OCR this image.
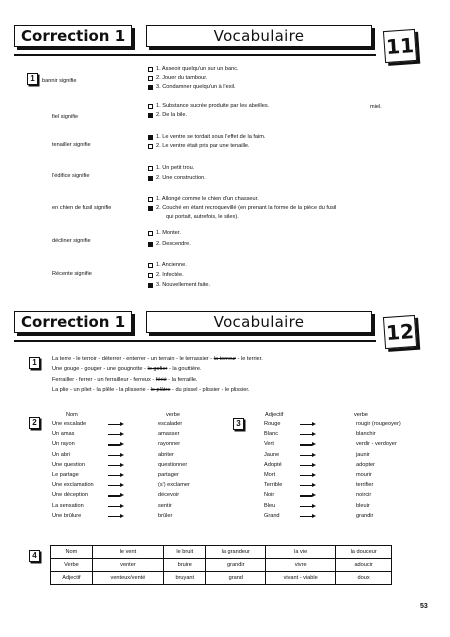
Correction 1	Vocabulaire	11
1	bannir signifie
1. Asseoir quelqu'un sur un banc.
2. Jouer du tambour.
3. Condamner quelqu'un à l'exil.
fiel signifie
1. Substance sucrée produite par les abeilles.
2. De la bile.
miel.
tenailler signifie
1. Le ventre se tordait sous l'effet de la faim.
2. Le ventre était pris par une tenaille.
l'édifice signifie
1. Un petit trou.
2. Une construction.
en chien de fusil signifie
1. Allongé comme le chien d'un chasseur.
2. Couché en étant recroquevillé (en prenant la forme de la pièce du fusil
qui portait, autrefois, le silex).
décliner signifie
1. Monter.
2. Descendre.
Récente signifie
1. Ancienne.
2. Infectée.
3. Nouvellement faite.
Correction 1	Vocabulaire	12
1	La terre - le terroir - déterrer - enterrer - un terrain - le terrassier - la terreur - le terrier.
Une gouge - gouger - une gougnotte - le gofier - la gouttière.
Ferrailler - ferrer - un ferrailleur - ferreux - férié - la ferraille.
La plie - un pliet - la plêle - la plisserie - le plâtre - du pissel - plissier - le plissier.
2
Nom	verbe
Une escalade	escalader
Un amas	amasser
Un rayon	rayonner
Un abri	abriter
Une question	questionner
Le partage	partager
Une exclamation	(s') exclamer
Une déception	décevoir
La sensation	sentir
Une brûlure	brûler
3
Adjectif	verbe
Rouge	rougir (rougeoyer)
Blanc	blanchir
Vert	verdir - verdoyer
Jaune	jaunir
Adopté	adopter
Mort	mourir
Terrible	terrifier
Noir	noircir
Bleu	bleuir
Grand	grandir
4	Nom	le vent	le bruit	la grandeur	la vie	la douceur
Verbe	venter	bruire	grandir	vivre	adoucir
Adjectif	venteux/venté	bruyant	grand	vivant - viable	doux
53
